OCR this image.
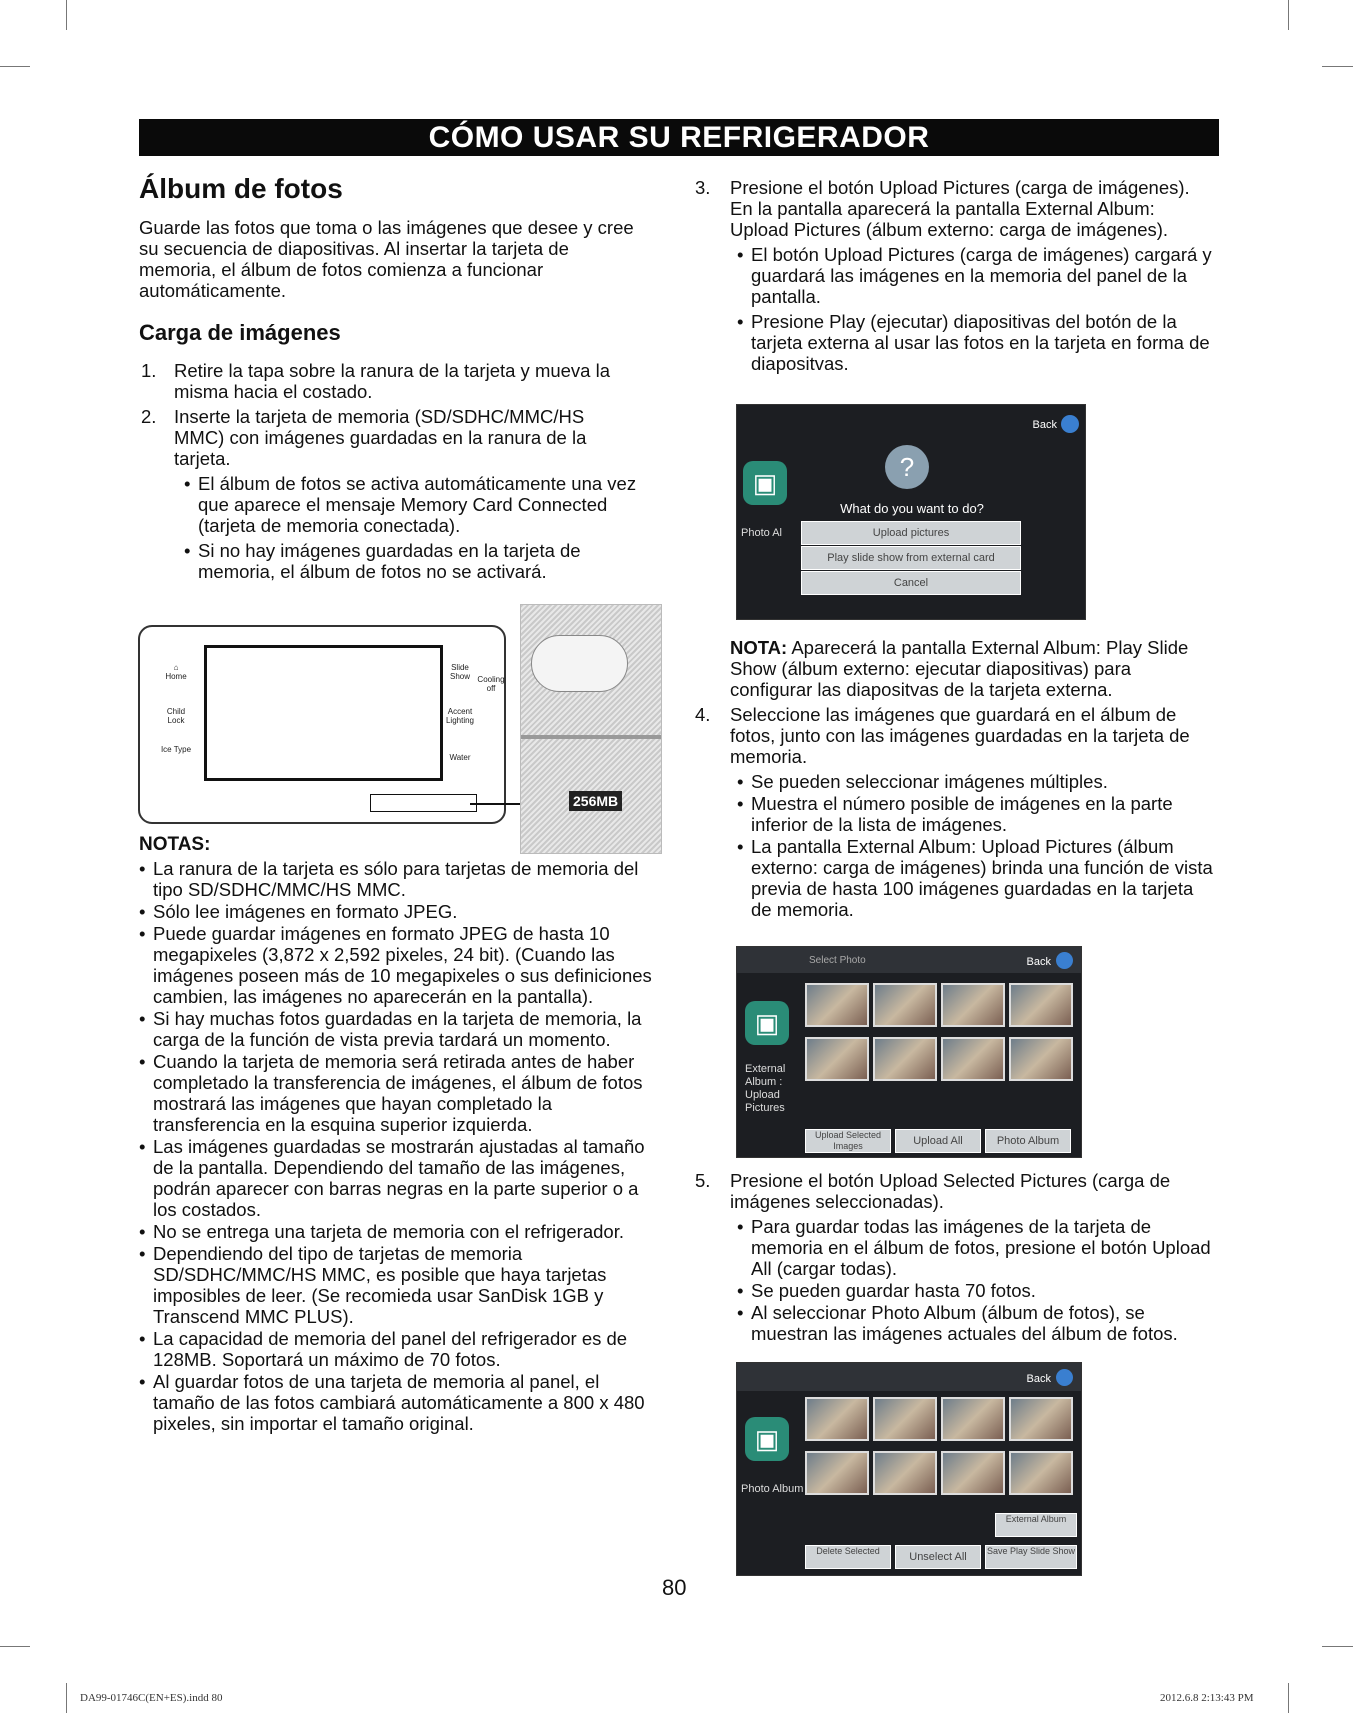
CÓMO USAR SU REFRIGERADOR
Álbum de fotos

Guarde las fotos que toma o las imágenes que desee y cree su secuencia de diapositivas. Al insertar la tarjeta de memoria, el álbum de fotos comienza a funcionar automáticamente.

Carga de imágenes
1. Retire la tapa sobre la ranura de la tarjeta y mueva la misma hacia el costado.

2. Inserte la tarjeta de memoria (SD/SDHC/MMC/HS MMC) con imágenes guardadas en la ranura de la tarjeta.

• El álbum de fotos se activa automáticamente una vez que aparece el mensaje Memory Card Connected (tarjeta de memoria conectada).
• Si no hay imágenes guardadas en la tarjeta de memoria, el álbum de fotos no se activará.
⌂
Home
Child Lock
Ice Type
Slide Show Cooling off
Accent Lighting
Water
256MB
NOTAS:
• La ranura de la tarjeta es sólo para tarjetas de memoria del tipo SD/SDHC/MMC/HS MMC.
• Sólo lee imágenes en formato JPEG.
• Puede guardar imágenes en formato JPEG de hasta 10 megapixeles (3,872 x 2,592 pixeles, 24 bit). (Cuando las imágenes poseen más de 10 megapixeles o sus definiciones cambien, las imágenes no aparecerán en la pantalla).
• Si hay muchas fotos guardadas en la tarjeta de memoria, la carga de la función de vista previa tardará un momento.
• Cuando la tarjeta de memoria será retirada antes de haber completado la transferencia de imágenes, el álbum de fotos mostrará las imágenes que hayan completado la transferencia en la esquina superior izquierda.
• Las imágenes guardadas se mostrarán ajustadas al tamaño de la pantalla. Dependiendo del tamaño de las imágenes, podrán aparecer con barras negras en la parte superior o a los costados.
• No se entrega una tarjeta de memoria con el refrigerador.
• Dependiendo del tipo de tarjetas de memoria SD/SDHC/MMC/HS MMC, es posible que haya tarjetas imposibles de leer. (Se recomieda usar SanDisk 1GB y Transcend MMC PLUS).
• La capacidad de memoria del panel del refrigerador es de 128MB. Soportará un máximo de 70 fotos.
• Al guardar fotos de una tarjeta de memoria al panel, el tamaño de las fotos cambiará automáticamente a 800 x 480 pixeles, sin importar el tamaño original.
3. Presione el botón Upload Pictures (carga de imágenes). En la pantalla aparecerá la pantalla External Album: Upload Pictures (álbum externo: carga de imágenes).

• El botón Upload Pictures (carga de imágenes) cargará y guardará las imágenes en la memoria del panel de la pantalla.
• Presione Play (ejecutar) diapositivas del botón de la tarjeta externa al usar las fotos en la tarjeta en forma de diapositvas.
Back
▣
Photo Al
?
What do you want to do?
Upload pictures
Play slide show from external card
Cancel

NOTA: Aparecerá la pantalla External Album: Play Slide Show (álbum externo: ejecutar diapositivas) para configurar las diapositvas de la tarjeta externa.

4. Seleccione las imágenes que guardará en el álbum de fotos, junto con las imágenes guardadas en la tarjeta de memoria.

• Se pueden seleccionar imágenes múltiples.
• Muestra el número posible de imágenes en la parte inferior de la lista de imágenes.
• La pantalla External Album: Upload Pictures (álbum externo: carga de imágenes) brinda una función de vista previa de hasta 100 imágenes guardadas en la tarjeta de memoria.
Select Photo	Back
▣
External Album : Upload Pictures
Upload Selected Images	Upload All	Photo Album
5. Presione el botón Upload Selected Pictures (carga de imágenes seleccionadas).

• Para guardar todas las imágenes de la tarjeta de memoria en el álbum de fotos, presione el botón Upload All (cargar todas).
• Se pueden guardar hasta 70 fotos.
• Al seleccionar Photo Album (álbum de fotos), se muestran las imágenes actuales del álbum de fotos.
Back
▣
Photo Album
External Album
Delete Selected	Unselect All	Save Play Slide Show
80
DA99-01746C(EN+ES).indd 80	2012.6.8 2:13:43 PM
